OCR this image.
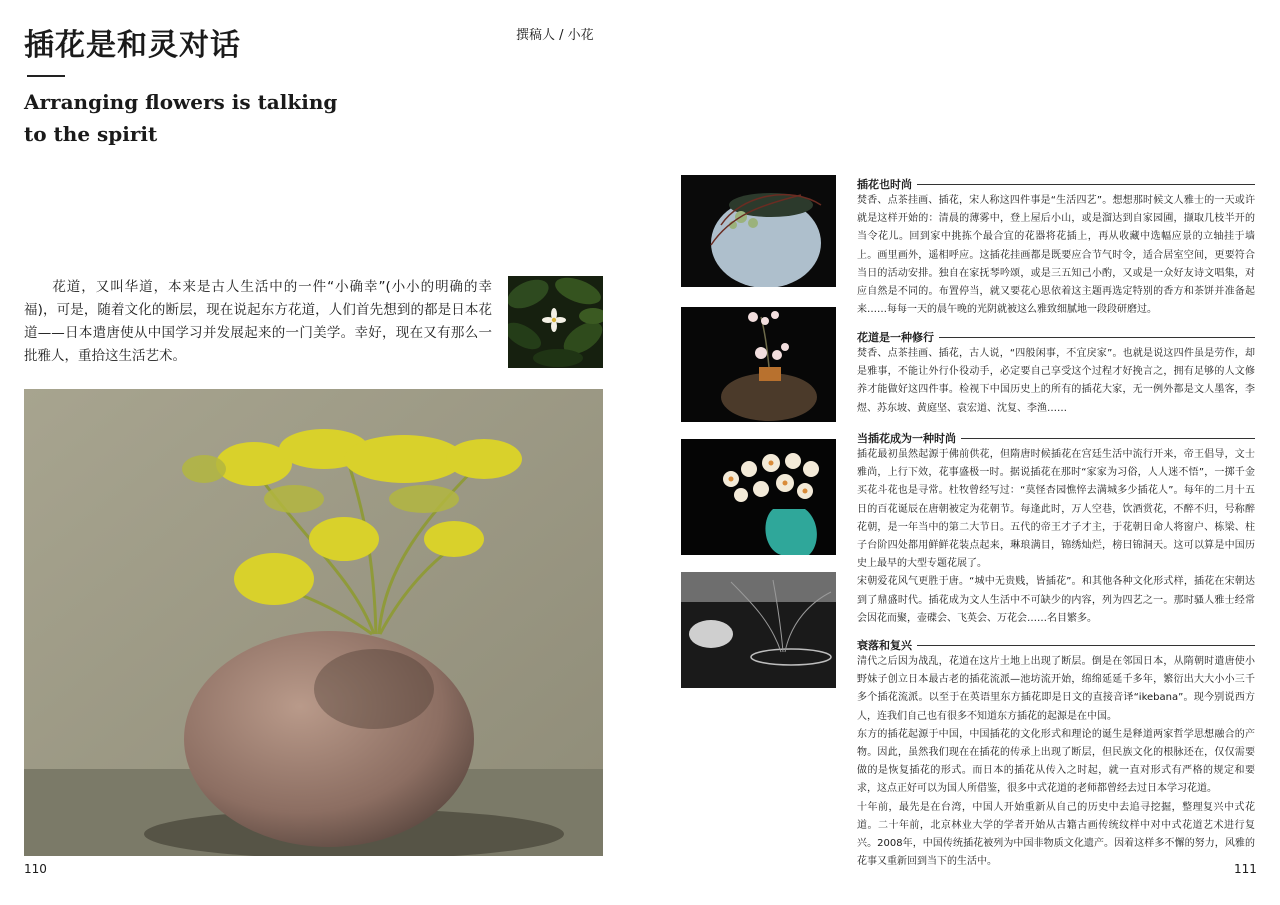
插花是和灵对话
Arranging flowers is talking to the spirit
撰稿人 / 小花

花道，又叫华道，本来是古人生活中的一件“小确幸”(小小的明确的幸福)，可是，随着文化的断层，现在说起东方花道，人们首先想到的都是日本花道——日本遣唐使从中国学习并发展起来的一门美学。幸好，现在又有那么一批雅人，重拾这生活艺术。

插花也时尚

焚香、点茶挂画、插花，宋人称这四件事是“生活四艺”。想想那时候文人雅士的一天或许就是这样开始的：清晨的薄雾中，登上屋后小山，或是溜达到自家园圃，撷取几枝半开的当令花儿。回到家中挑拣个最合宜的花器将花插上，再从收藏中选幅应景的立轴挂于墙上。画里画外，遥相呼应。这插花挂画都是既要应合节气时令，适合居室空间，更要符合当日的活动安排。独自在家抚琴吟颂，或是三五知己小酌，又或是一众好友诗文唱集，对应自然是不同的。布置停当，就又要花心思依着这主题再选定特别的香方和茶饼并准备起来……每每一天的晨午晚的光阴就被这么雅致细腻地一段段研磨过。

花道是一种修行

焚香、点茶挂画、插花，古人说，“四般闲事，不宜戾家”。也就是说这四件虽是劳作，却是雅事，不能让外行仆役动手，必定要自己享受这个过程才好挽言之，拥有足够的人文修养才能做好这四件事。检视下中国历史上的所有的插花大家，无一例外都是文人墨客，李煜、苏东坡、黄庭坚、袁宏道、沈复、李渔……

当插花成为一种时尚

插花最初虽然起源于佛前供花，但隋唐时候插花在宫廷生活中流行开来，帝王倡导，文士雅尚，上行下效，花事盛极一时。据说插花在那时“家家为习俗，人人迷不悟”，一掷千金买花斗花也是寻常。杜牧曾经写过：“莫怪杏园憔悴去满城多少插花人”。每年的二月十五日的百花诞辰在唐朝被定为花朝节。每逢此时，万人空巷，饮酒赏花，不醉不归，号称醉花朝，是一年当中的第二大节日。五代的帝王才子才主，于花朝日命人将窗户、栋梁、柱子台阶四处都用鲜鲜花装点起来，琳琅满目，锦绣灿烂，榜曰锦洞天。这可以算是中国历史上最早的大型专题花展了。

宋朝爱花风气更胜于唐。“城中无贵贱，皆插花”。和其他各种文化形式样，插花在宋朝达到了鼎盛时代。插花成为文人生活中不可缺少的内容，列为四艺之一。那时骚人雅士经常会因花而聚，壶碟会、飞英会、万花会……名目繁多。

衰落和复兴

清代之后因为战乱，花道在这片土地上出现了断层。倒是在邻国日本，从隋朝时遣唐使小野妹子创立日本最古老的插花流派—池坊流开始，绵绵延延千多年，繁衍出大大小小三千多个插花流派。以至于在英语里东方插花即是日文的直接音译“ikebana”。现今别说西方人，连我们自己也有很多不知道东方插花的起源是在中国。

东方的插花起源于中国，中国插花的文化形式和理论的诞生是释道两家哲学思想融合的产物。因此，虽然我们现在在插花的传承上出现了断层，但民族文化的根脉还在，仅仅需要做的是恢复插花的形式。而日本的插花从传入之时起，就一直对形式有严格的规定和要求，这点正好可以为国人所借鉴，很多中式花道的老师都曾经去过日本学习花道。

十年前，最先是在台湾，中国人开始重新从自己的历史中去追寻挖掘，整理复兴中式花道。二十年前，北京林业大学的学者开始从古籍古画传统纹样中对中式花道艺术进行复兴。2008年，中国传统插花被列为中国非物质文化遗产。因着这样多不懈的努力，风雅的花事又重新回到当下的生活中。

110	111
